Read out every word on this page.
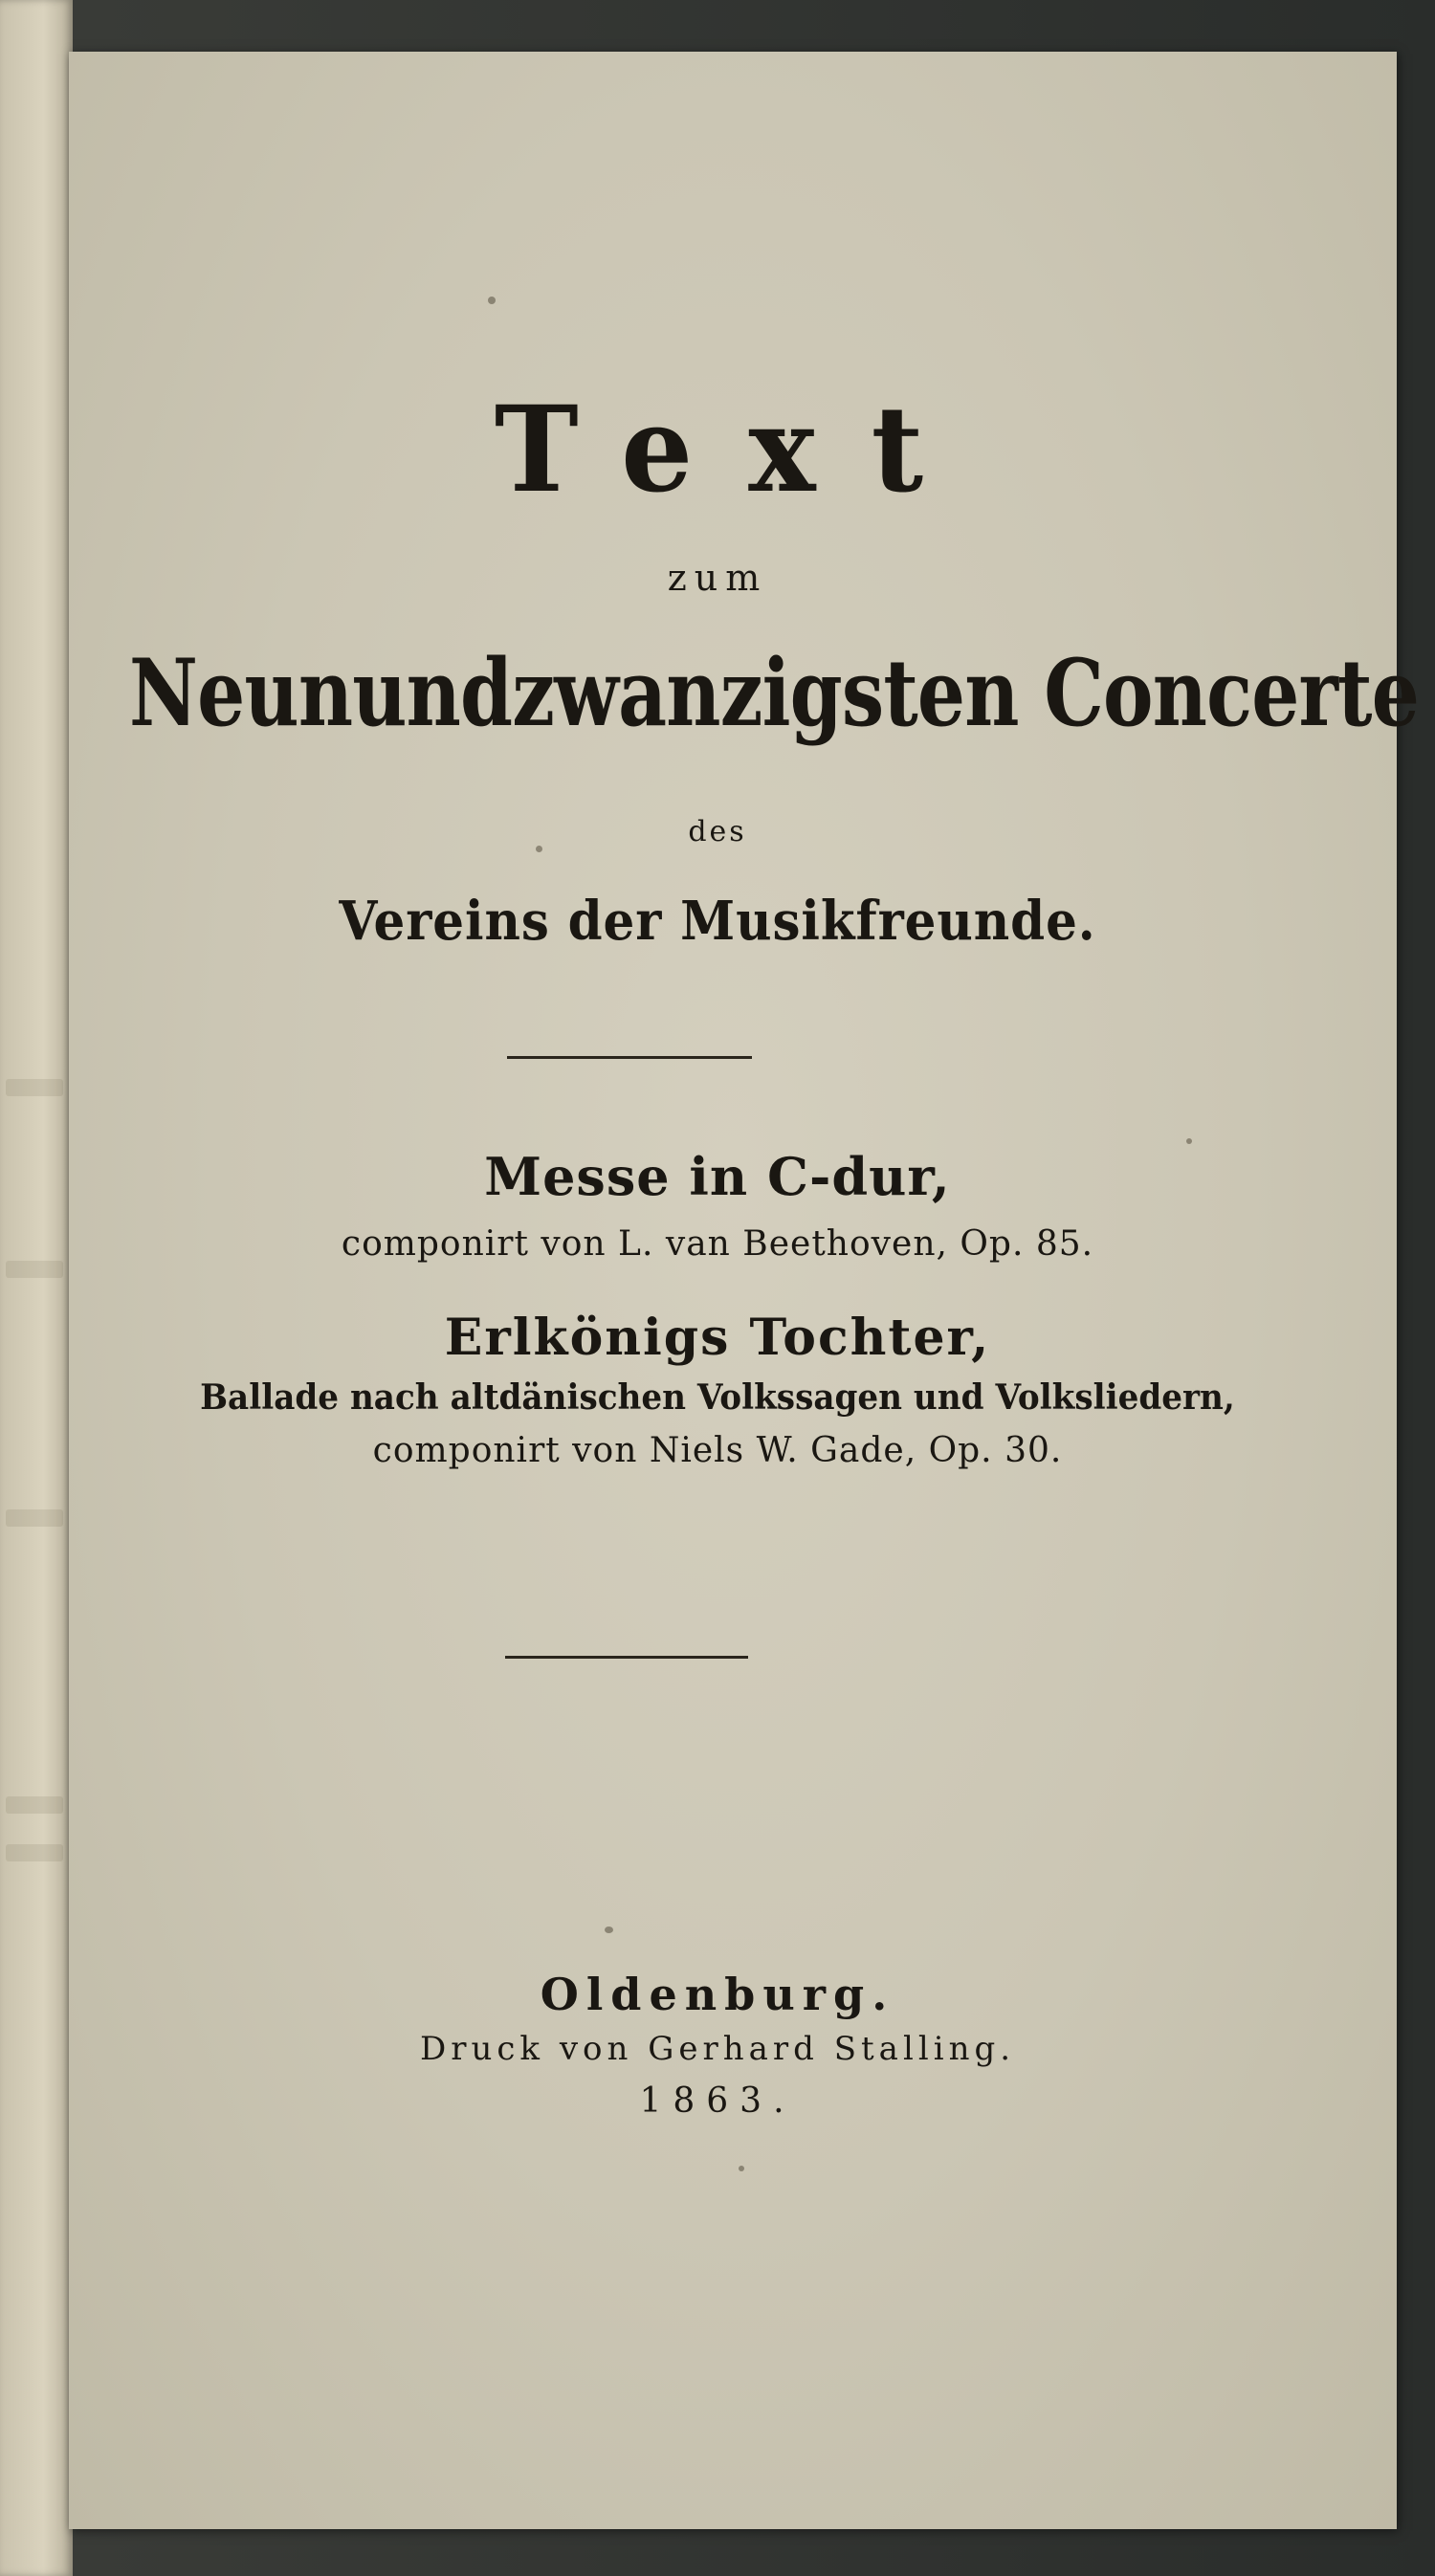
Text
zum
Neunundzwanzigsten Concerte
des
Vereins der Musikfreunde.
Messe in C-dur,
componirt von L. van Beethoven, Op. 85.
Erlkönigs Tochter,
Ballade nach altdänischen Volkssagen und Volksliedern,
componirt von Niels W. Gade, Op. 30.
Oldenburg.
Druck von Gerhard Stalling.
1863.
